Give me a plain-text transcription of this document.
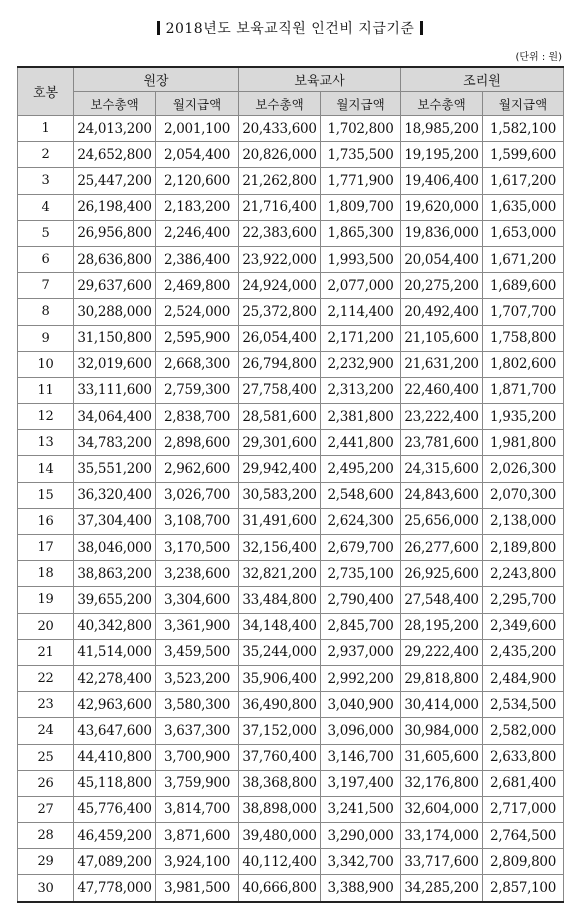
2018년도 보육교직원 인건비 지급기준
(단위 : 원)
호봉	원장		보육교사		조리원	
	보수총액	월지급액	보수총액	월지급액	보수총액	월지급액
1	24,013,200	2,001,100	20,433,600	1,702,800	18,985,200	1,582,100
2	24,652,800	2,054,400	20,826,000	1,735,500	19,195,200	1,599,600
3	25,447,200	2,120,600	21,262,800	1,771,900	19,406,400	1,617,200
4	26,198,400	2,183,200	21,716,400	1,809,700	19,620,000	1,635,000
5	26,956,800	2,246,400	22,383,600	1,865,300	19,836,000	1,653,000
6	28,636,800	2,386,400	23,922,000	1,993,500	20,054,400	1,671,200
7	29,637,600	2,469,800	24,924,000	2,077,000	20,275,200	1,689,600
8	30,288,000	2,524,000	25,372,800	2,114,400	20,492,400	1,707,700
9	31,150,800	2,595,900	26,054,400	2,171,200	21,105,600	1,758,800
10	32,019,600	2,668,300	26,794,800	2,232,900	21,631,200	1,802,600
11	33,111,600	2,759,300	27,758,400	2,313,200	22,460,400	1,871,700
12	34,064,400	2,838,700	28,581,600	2,381,800	23,222,400	1,935,200
13	34,783,200	2,898,600	29,301,600	2,441,800	23,781,600	1,981,800
14	35,551,200	2,962,600	29,942,400	2,495,200	24,315,600	2,026,300
15	36,320,400	3,026,700	30,583,200	2,548,600	24,843,600	2,070,300
16	37,304,400	3,108,700	31,491,600	2,624,300	25,656,000	2,138,000
17	38,046,000	3,170,500	32,156,400	2,679,700	26,277,600	2,189,800
18	38,863,200	3,238,600	32,821,200	2,735,100	26,925,600	2,243,800
19	39,655,200	3,304,600	33,484,800	2,790,400	27,548,400	2,295,700
20	40,342,800	3,361,900	34,148,400	2,845,700	28,195,200	2,349,600
21	41,514,000	3,459,500	35,244,000	2,937,000	29,222,400	2,435,200
22	42,278,400	3,523,200	35,906,400	2,992,200	29,818,800	2,484,900
23	42,963,600	3,580,300	36,490,800	3,040,900	30,414,000	2,534,500
24	43,647,600	3,637,300	37,152,000	3,096,000	30,984,000	2,582,000
25	44,410,800	3,700,900	37,760,400	3,146,700	31,605,600	2,633,800
26	45,118,800	3,759,900	38,368,800	3,197,400	32,176,800	2,681,400
27	45,776,400	3,814,700	38,898,000	3,241,500	32,604,000	2,717,000
28	46,459,200	3,871,600	39,480,000	3,290,000	33,174,000	2,764,500
29	47,089,200	3,924,100	40,112,400	3,342,700	33,717,600	2,809,800
30	47,778,000	3,981,500	40,666,800	3,388,900	34,285,200	2,857,100
